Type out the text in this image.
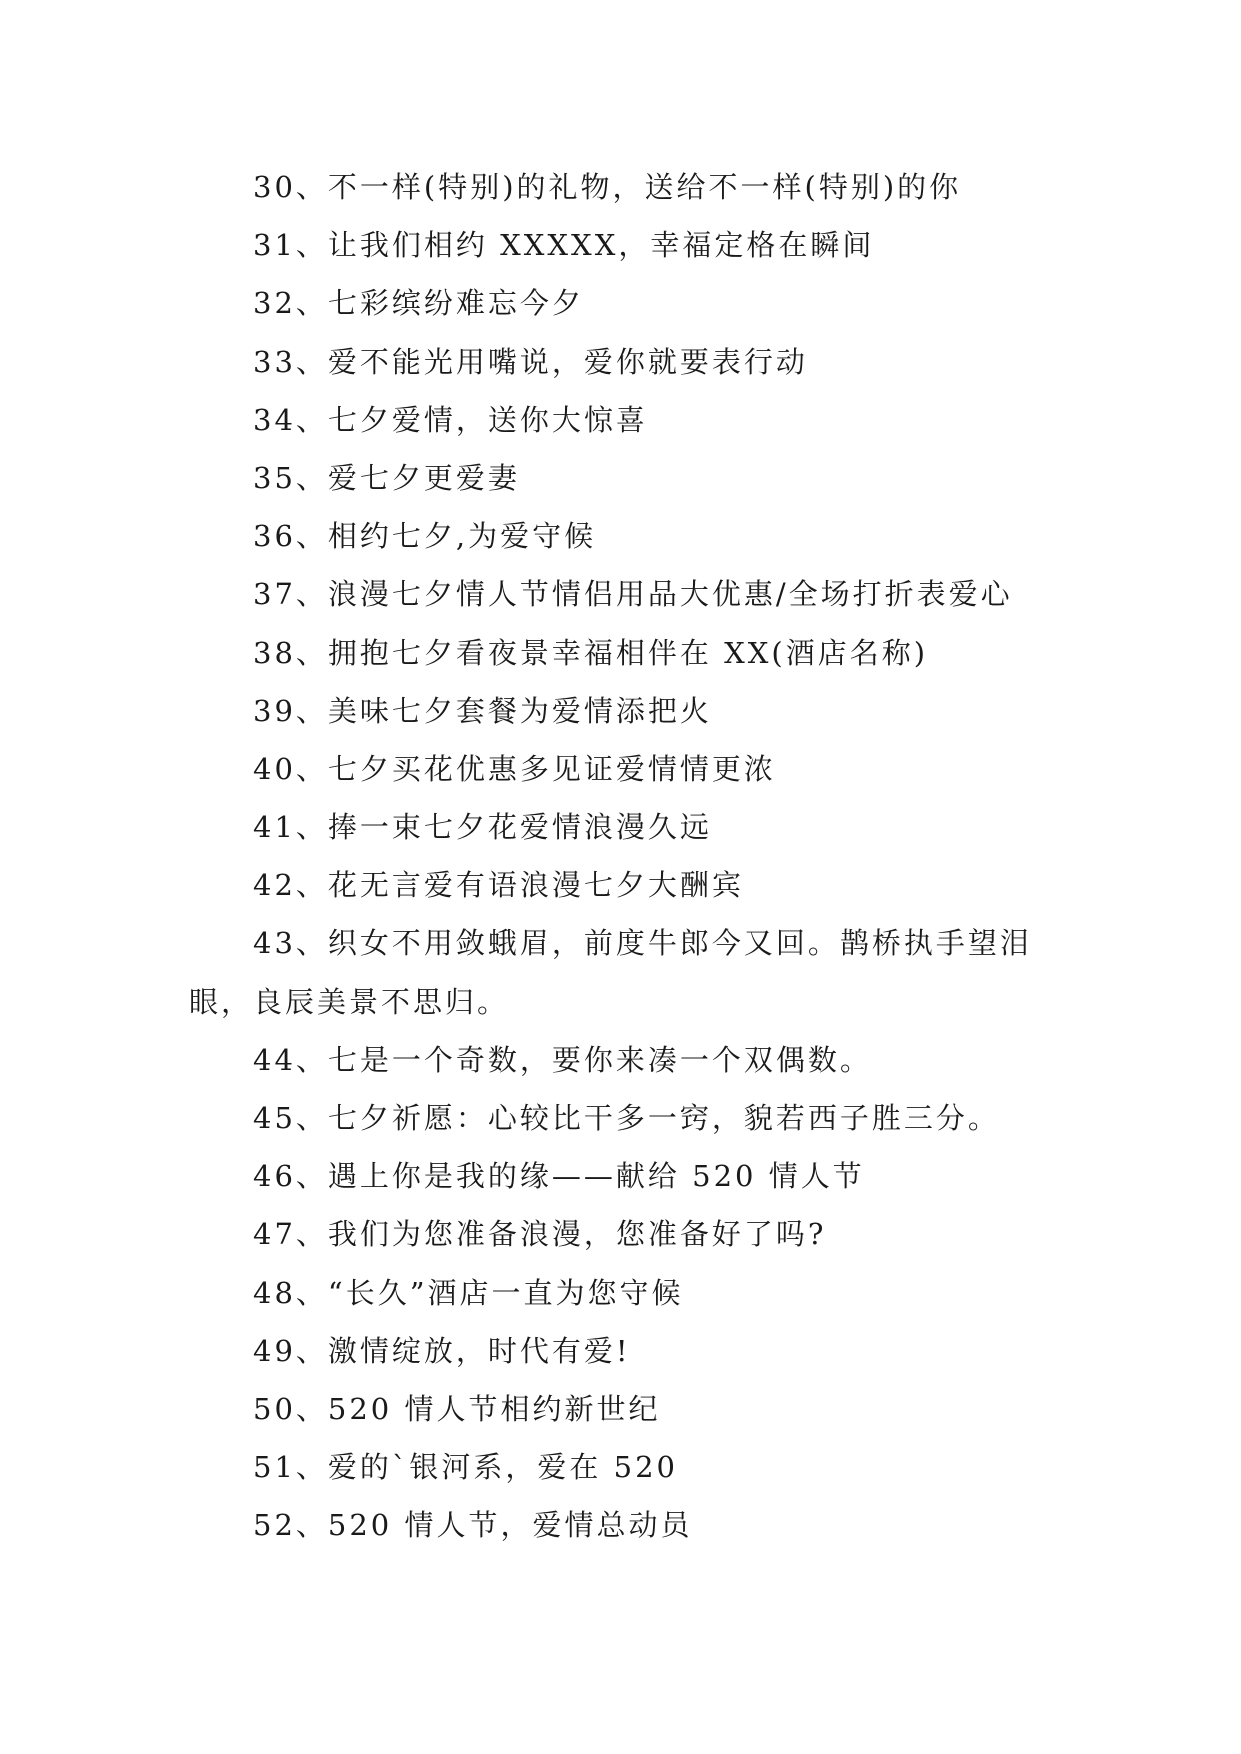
30、不一样(特别)的礼物，送给不一样(特别)的你
31、让我们相约 XXXXX，幸福定格在瞬间
32、七彩缤纷难忘今夕
33、爱不能光用嘴说，爱你就要表行动
34、七夕爱情，送你大惊喜
35、爱七夕更爱妻
36、相约七夕,为爱守候
37、浪漫七夕情人节情侣用品大优惠/全场打折表爱心
38、拥抱七夕看夜景幸福相伴在 XX(酒店名称)
39、美味七夕套餐为爱情添把火
40、七夕买花优惠多见证爱情情更浓
41、捧一束七夕花爱情浪漫久远
42、花无言爱有语浪漫七夕大酬宾
43、织女不用敛蛾眉，前度牛郎今又回。鹊桥执手望泪
眼，良辰美景不思归。
44、七是一个奇数，要你来凑一个双偶数。
45、七夕祈愿：心较比干多一窍，貌若西子胜三分。
46、遇上你是我的缘——献给 520 情人节
47、我们为您准备浪漫，您准备好了吗?
48、“长久”酒店一直为您守候
49、激情绽放，时代有爱!
50、520 情人节相约新世纪
51、爱的`银河系，爱在 520
52、520 情人节，爱情总动员
